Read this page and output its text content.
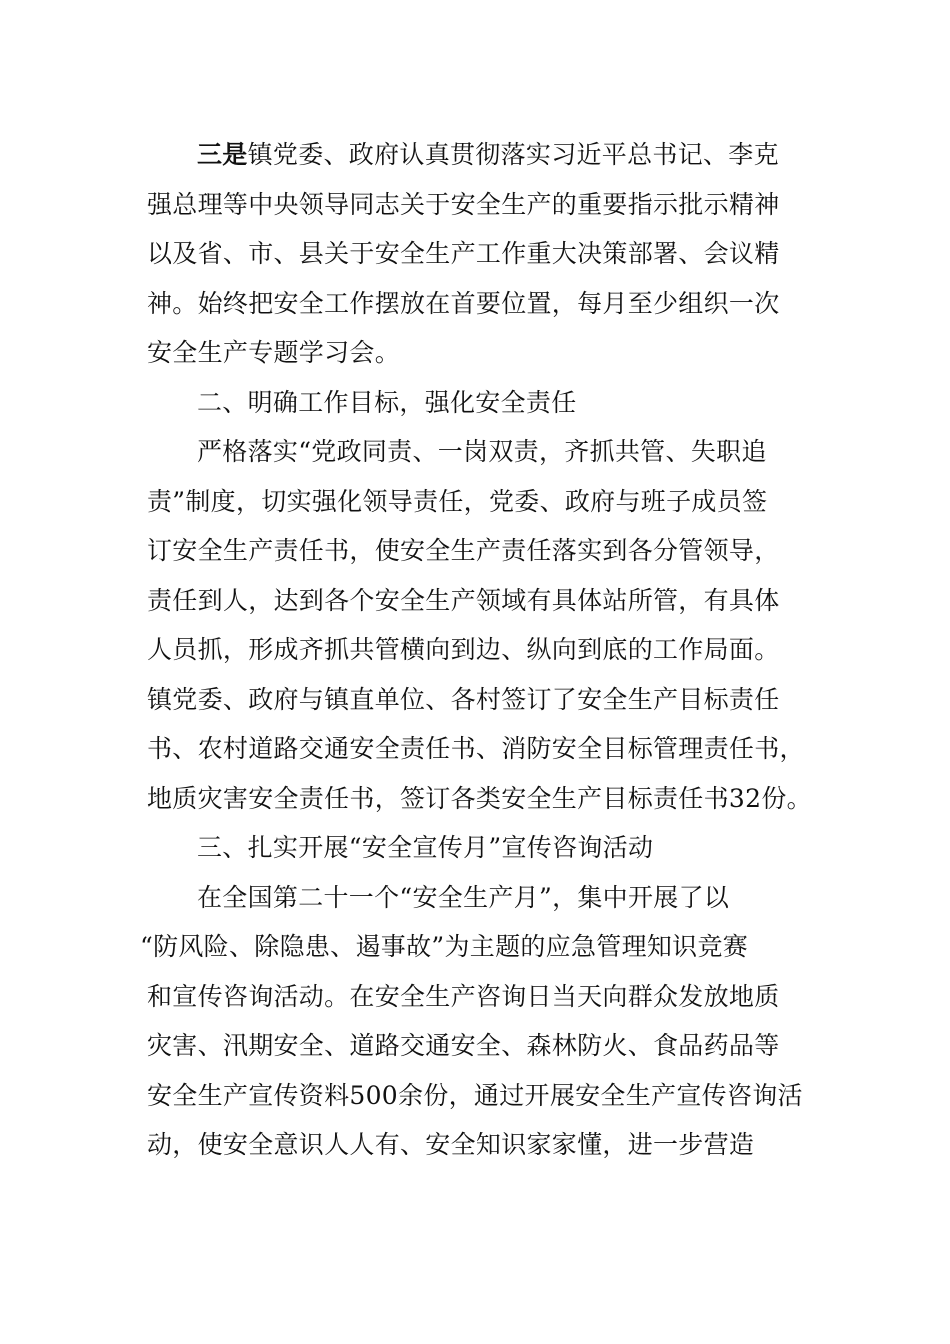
三是镇党委、政府认真贯彻落实习近平总书记、李克
强总理等中央领导同志关于安全生产的重要指示批示精神
以及省、市、县关于安全生产工作重大决策部署、会议精
神。始终把安全工作摆放在首要位置，每月至少组织一次
安全生产专题学习会。
二、明确工作目标，强化安全责任
严格落实“党政同责、一岗双责，齐抓共管、失职追
责”制度，切实强化领导责任，党委、政府与班子成员签
订安全生产责任书，使安全生产责任落实到各分管领导，
责任到人，达到各个安全生产领域有具体站所管，有具体
人员抓，形成齐抓共管横向到边、纵向到底的工作局面。
镇党委、政府与镇直单位、各村签订了安全生产目标责任
书、农村道路交通安全责任书、消防安全目标管理责任书，
地质灾害安全责任书，签订各类安全生产目标责任书32份。
三、扎实开展“安全宣传月”宣传咨询活动
在全国第二十一个“安全生产月”，集中开展了以
“防风险、除隐患、遏事故”为主题的应急管理知识竞赛
和宣传咨询活动。在安全生产咨询日当天向群众发放地质
灾害、汛期安全、道路交通安全、森林防火、食品药品等
安全生产宣传资料500余份，通过开展安全生产宣传咨询活
动，使安全意识人人有、安全知识家家懂，进一步营造
